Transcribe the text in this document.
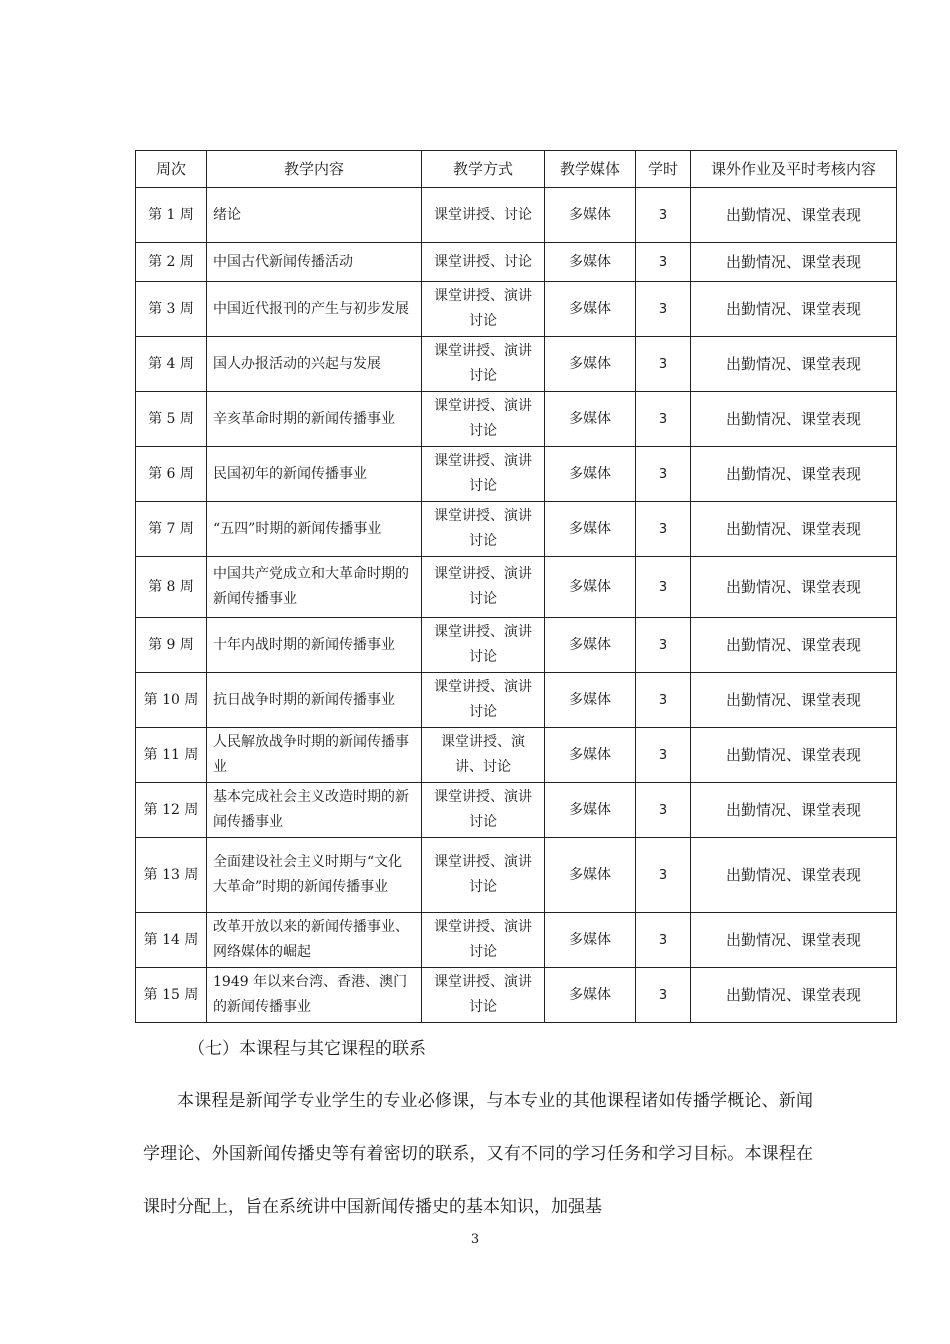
周次	教学内容	教学方式	教学媒体	学时	课外作业及平时考核内容
第 1 周	绪论	课堂讲授、讨论	多媒体	3	出勤情况、课堂表现
第 2 周	中国古代新闻传播活动	课堂讲授、讨论	多媒体	3	出勤情况、课堂表现
第 3 周	中国近代报刊的产生与初步发展	课堂讲授、演讲讨论	多媒体	3	出勤情况、课堂表现
第 4 周	国人办报活动的兴起与发展	课堂讲授、演讲讨论	多媒体	3	出勤情况、课堂表现
第 5 周	辛亥革命时期的新闻传播事业	课堂讲授、演讲讨论	多媒体	3	出勤情况、课堂表现
第 6 周	民国初年的新闻传播事业	课堂讲授、演讲讨论	多媒体	3	出勤情况、课堂表现
第 7 周	“五四”时期的新闻传播事业	课堂讲授、演讲讨论	多媒体	3	出勤情况、课堂表现
第 8 周	中国共产党成立和大革命时期的新闻传播事业	课堂讲授、演讲讨论	多媒体	3	出勤情况、课堂表现
第 9 周	十年内战时期的新闻传播事业	课堂讲授、演讲讨论	多媒体	3	出勤情况、课堂表现
第 10 周	抗日战争时期的新闻传播事业	课堂讲授、演讲讨论	多媒体	3	出勤情况、课堂表现
第 11 周	人民解放战争时期的新闻传播事业	课堂讲授、演讲、讨论	多媒体	3	出勤情况、课堂表现
第 12 周	基本完成社会主义改造时期的新闻传播事业	课堂讲授、演讲讨论	多媒体	3	出勤情况、课堂表现
第 13 周	全面建设社会主义时期与“文化大革命”时期的新闻传播事业	课堂讲授、演讲讨论	多媒体	3	出勤情况、课堂表现
第 14 周	改革开放以来的新闻传播事业、网络媒体的崛起	课堂讲授、演讲讨论	多媒体	3	出勤情况、课堂表现
第 15 周	1949 年以来台湾、香港、澳门的新闻传播事业	课堂讲授、演讲讨论	多媒体	3	出勤情况、课堂表现
（七）本课程与其它课程的联系

本课程是新闻学专业学生的专业必修课，与本专业的其他课程诸如传播学概论、新闻学理论、外国新闻传播史等有着密切的联系，又有不同的学习任务和学习目标。本课程在课时分配上，旨在系统讲中国新闻传播史的基本知识，加强基

3
